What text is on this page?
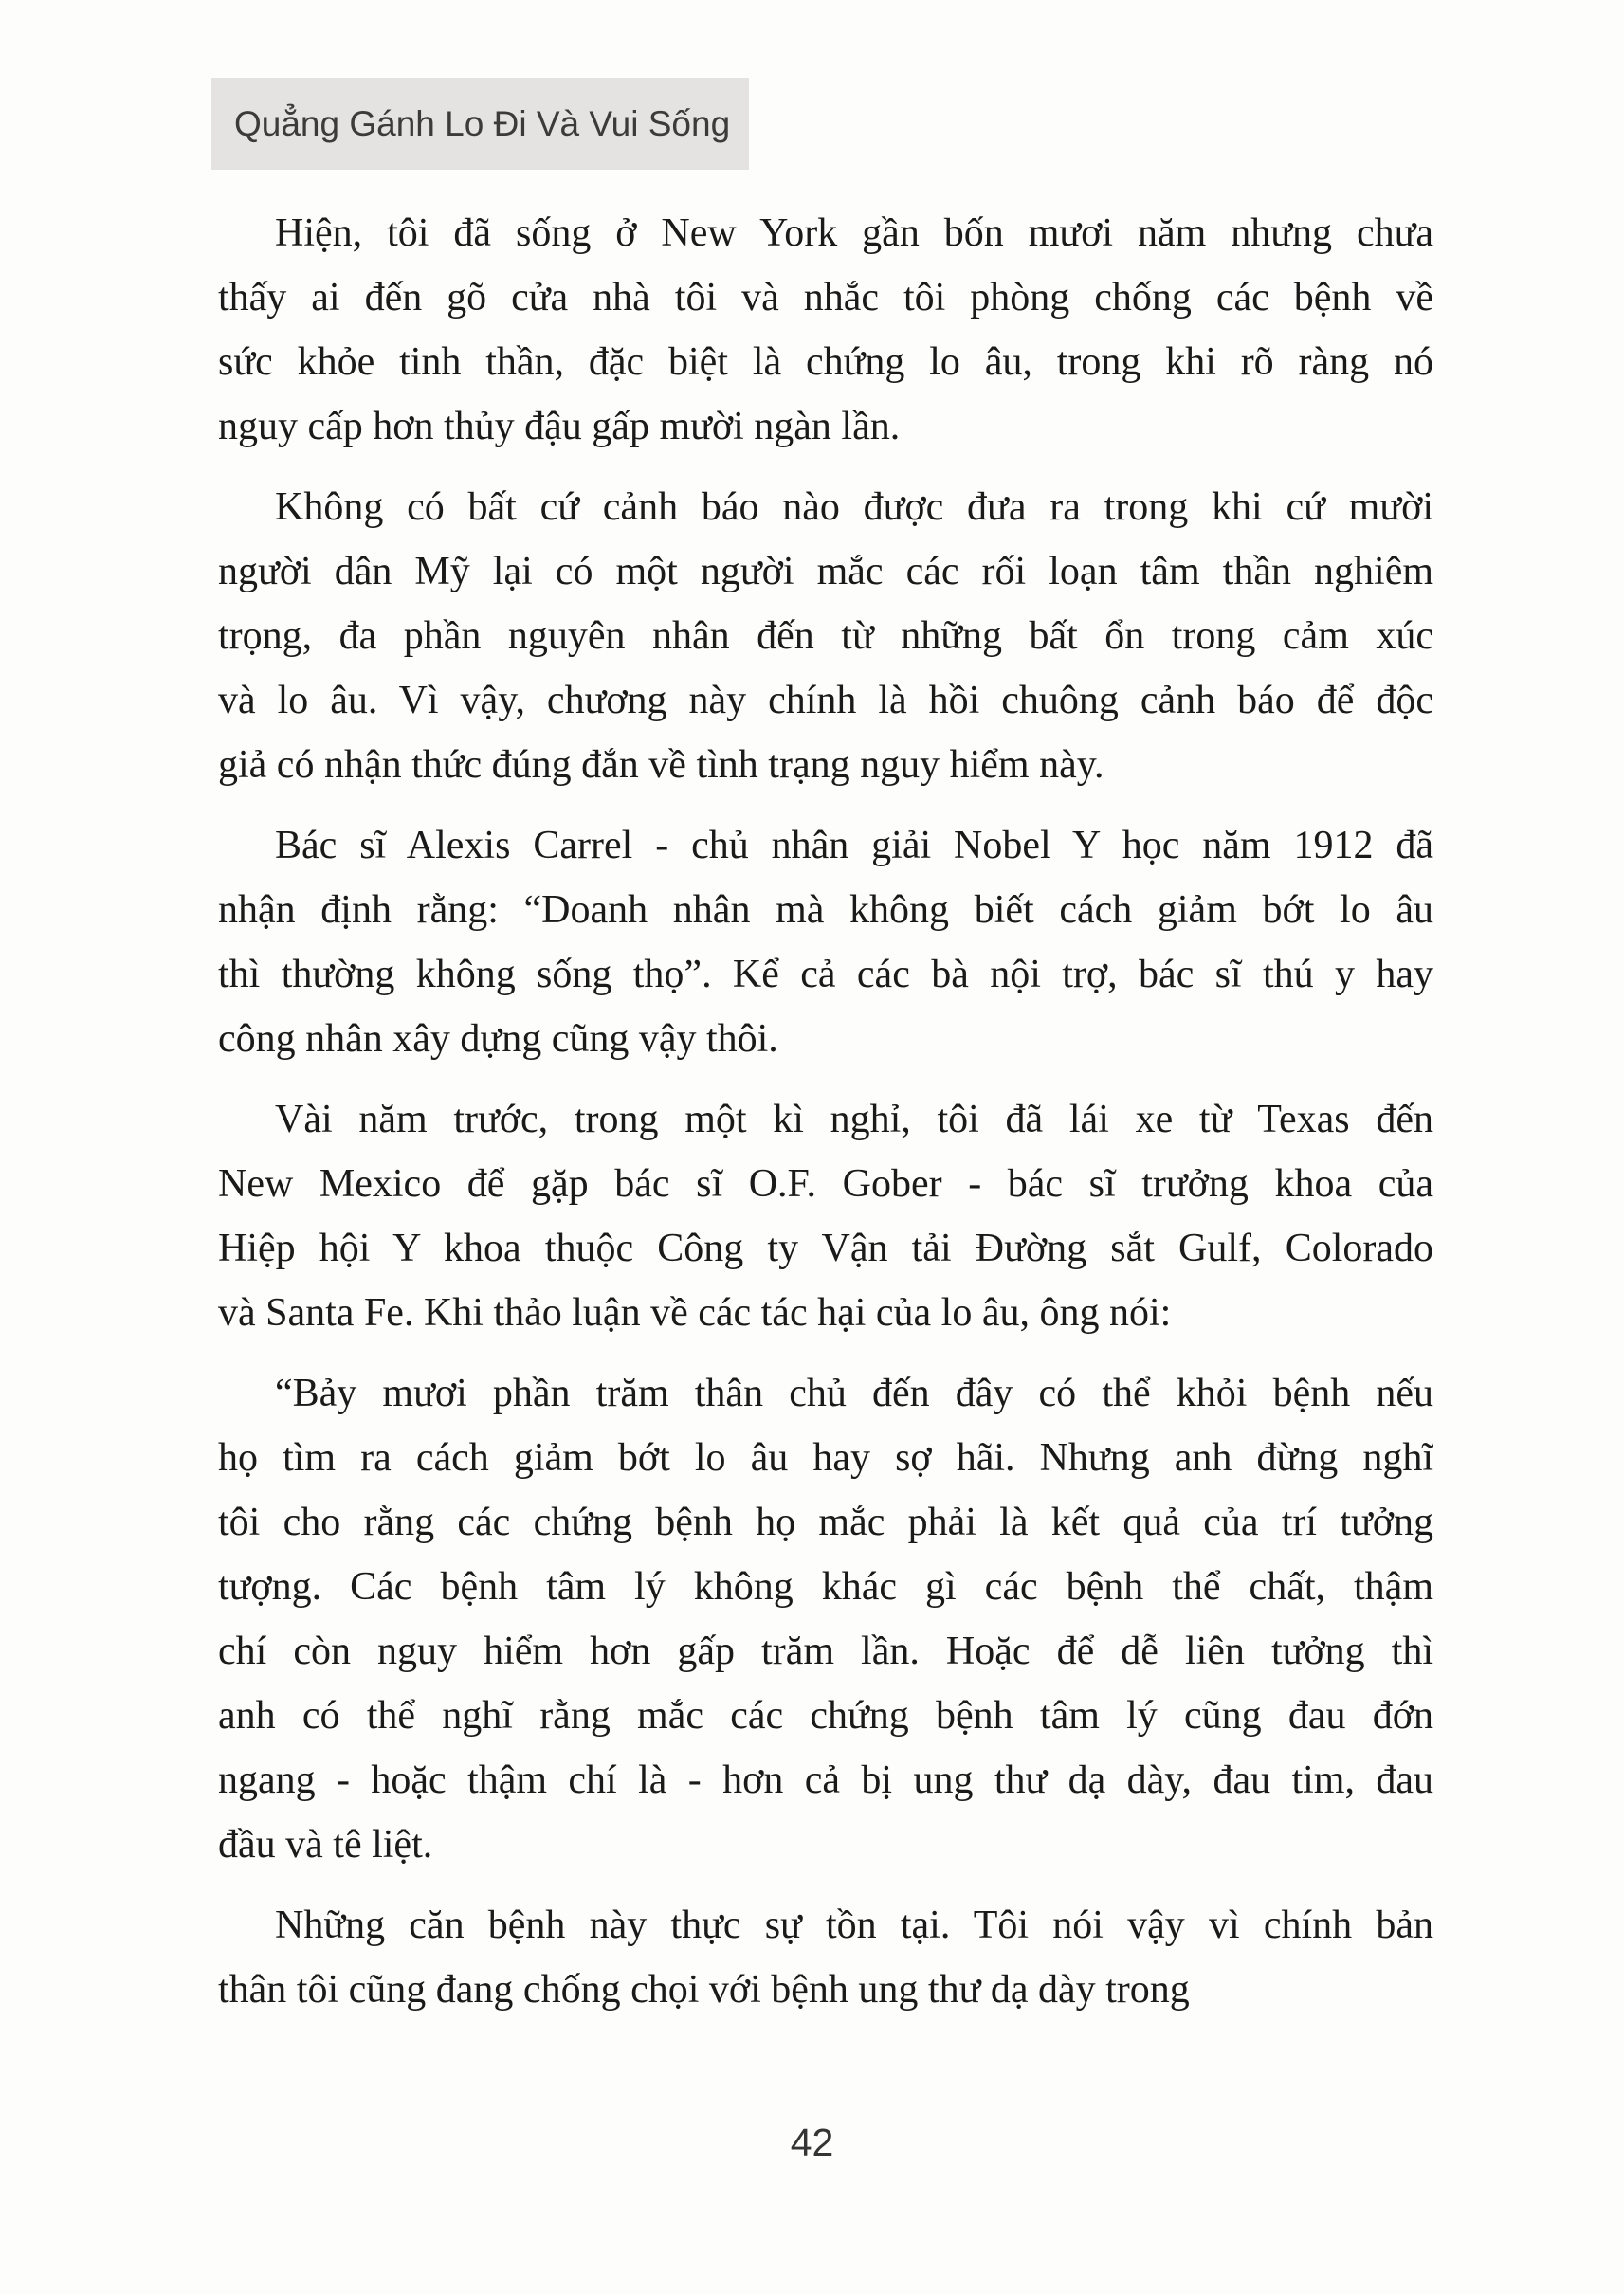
Quẳng Gánh Lo Đi Và Vui Sống
Hiện, tôi đã sống ở New York gần bốn mươi năm nhưng chưa
thấy ai đến gõ cửa nhà tôi và nhắc tôi phòng chống các bệnh về
sức khỏe tinh thần, đặc biệt là chứng lo âu, trong khi rõ ràng nó
nguy cấp hơn thủy đậu gấp mười ngàn lần.
Không có bất cứ cảnh báo nào được đưa ra trong khi cứ mười
người dân Mỹ lại có một người mắc các rối loạn tâm thần nghiêm
trọng, đa phần nguyên nhân đến từ những bất ổn trong cảm xúc
và lo âu. Vì vậy, chương này chính là hồi chuông cảnh báo để độc
giả có nhận thức đúng đắn về tình trạng nguy hiểm này.
Bác sĩ Alexis Carrel - chủ nhân giải Nobel Y học năm 1912 đã
nhận định rằng: “Doanh nhân mà không biết cách giảm bớt lo âu
thì thường không sống thọ”. Kể cả các bà nội trợ, bác sĩ thú y hay
công nhân xây dựng cũng vậy thôi.
Vài năm trước, trong một kì nghỉ, tôi đã lái xe từ Texas đến
New Mexico để gặp bác sĩ O.F. Gober - bác sĩ trưởng khoa của
Hiệp hội Y khoa thuộc Công ty Vận tải Đường sắt Gulf, Colorado
và Santa Fe. Khi thảo luận về các tác hại của lo âu, ông nói:
“Bảy mươi phần trăm thân chủ đến đây có thể khỏi bệnh nếu
họ tìm ra cách giảm bớt lo âu hay sợ hãi. Nhưng anh đừng nghĩ
tôi cho rằng các chứng bệnh họ mắc phải là kết quả của trí tưởng
tượng. Các bệnh tâm lý không khác gì các bệnh thể chất, thậm
chí còn nguy hiểm hơn gấp trăm lần. Hoặc để dễ liên tưởng thì
anh có thể nghĩ rằng mắc các chứng bệnh tâm lý cũng đau đớn
ngang - hoặc thậm chí là - hơn cả bị ung thư dạ dày, đau tim, đau
đầu và tê liệt.
Những căn bệnh này thực sự tồn tại. Tôi nói vậy vì chính bản
thân tôi cũng đang chống chọi với bệnh ung thư dạ dày trong
42
